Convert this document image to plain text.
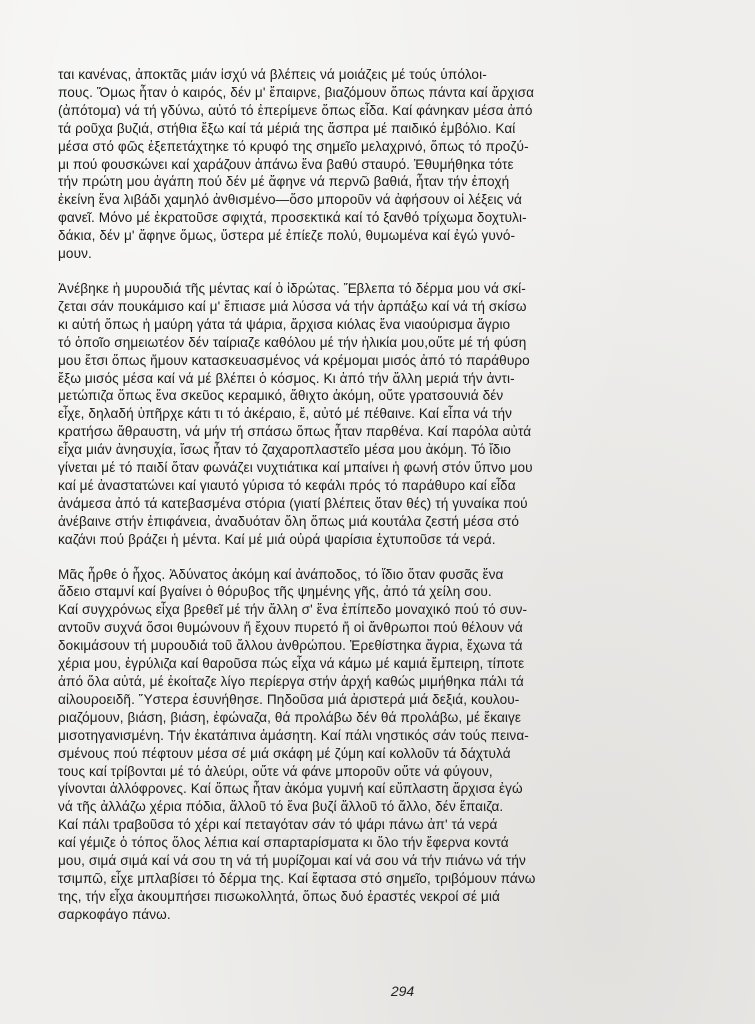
ται κανένας, ἀποκτᾶς μιάν ἰσχύ νά βλέπεις νά μοιάζεις μέ τούς ὑπόλοι-
πους. Ὅμως ἦταν ὁ καιρός, δέν μ' ἔπαιρνε, βιαζόμουν ὅπως πάντα καί ἄρχισα
(ἀπότομα) νά τή γδύνω, αὐτό τό ἐπερίμενε ὅπως εἶδα. Καί φάνηκαν μέσα ἀπό
τά ροῦχα βυζιά, στήθια ἔξω καί τά μέριά της ἄσπρα μέ παιδικό ἐμβόλιο. Καί
μέσα στό φῶς ἐξεπετάχτηκε τό κρυφό της σημεῖο μελαχρινό, ὅπως τό προζύ-
μι πού φουσκώνει καί χαράζουν ἀπάνω ἕνα βαθύ σταυρό. Ἐθυμήθηκα τότε
τήν πρώτη μου ἀγάπη πού δέν μέ ἄφηνε νά περνῶ βαθιά, ἦταν τήν ἐποχή
ἐκείνη ἕνα λιβάδι χαμηλό ἀνθισμένο—ὅσο μποροῦν νά ἀφήσουν οἱ λέξεις νά
φανεῖ. Μόνο μέ ἐκρατοῦσε σφιχτά, προσεκτικά καί τό ξανθό τρίχωμα δοχτυλι-
δάκια, δέν μ' ἄφηνε ὅμως, ὕστερα μέ ἐπίεζε πολύ, θυμωμένα καί ἐγώ γυνό-
μουν.

Ἀνέβηκε ἡ μυρουδιά τῆς μέντας καί ὁ ἱδρώτας. Ἔβλεπα τό δέρμα μου νά σκί-
ζεται σάν πουκάμισο καί μ' ἔπιασε μιά λύσσα νά τήν ἁρπάξω καί νά τή σκίσω
κι αὐτή ὅπως ἡ μαύρη γάτα τά ψάρια, ἄρχισα κιόλας ἕνα νιαούρισμα ἄγριο
τό ὁποῖο σημειωτέον δέν ταίριαζε καθόλου μέ τήν ἡλικία μου,οὔτε μέ τή φύση
μου ἔτσι ὅπως ἤμουν κατασκευασμένος νά κρέμομαι μισός ἀπό τό παράθυρο
ἔξω μισός μέσα καί νά μέ βλέπει ὁ κόσμος. Κι ἀπό τήν ἄλλη μεριά τήν ἀντι-
μετώπιζα ὅπως ἕνα σκεῦος κεραμικό, ἄθιχτο ἀκόμη, οὔτε γρατσουνιά δέν
εἶχε, δηλαδή ὑπῆρχε κάτι τι τό ἀκέραιο, ἔ, αὐτό μέ πέθαινε. Καί εἶπα νά τήν
κρατήσω ἄθραυστη, νά μήν τή σπάσω ὅπως ἦταν παρθένα. Καί παρόλα αὐτά
εἶχα μιάν ἀνησυχία, ἴσως ἦταν τό ζαχαροπλαστεῖο μέσα μου ἀκόμη. Τό ἴδιο
γίνεται μέ τό παιδί ὅταν φωνάζει νυχτιάτικα καί μπαίνει ἡ φωνή στόν ὕπνο μου
καί μέ ἀναστατώνει καί γιαυτό γύρισα τό κεφάλι πρός τό παράθυρο καί εἶδα
ἀνάμεσα ἀπό τά κατεβασμένα στόρια (γιατί βλέπεις ὅταν θές) τή γυναίκα πού
ἀνέβαινε στήν ἐπιφάνεια, ἀναδυόταν ὅλη ὅπως μιά κουτάλα ζεστή μέσα στό
καζάνι πού βράζει ἡ μέντα. Καί μέ μιά οὐρά ψαρίσια ἐχτυποῦσε τά νερά.

Μᾶς ἦρθε ὁ ἦχος. Ἀδύνατος ἀκόμη καί ἀνάποδος, τό ἴδιο ὅταν φυσᾶς ἕνα
ἄδειο σταμνί καί βγαίνει ὁ θόρυβος τῆς ψημένης γῆς, ἀπό τά χείλη σου.
Καί συγχρόνως εἶχα βρεθεῖ μέ τήν ἄλλη σ' ἕνα ἐπίπεδο μοναχικό πού τό συν-
αντοῦν συχνά ὅσοι θυμώνουν ἤ ἔχουν πυρετό ἤ οἱ ἄνθρωποι πού θέλουν νά
δοκιμάσουν τή μυρουδιά τοῦ ἄλλου ἀνθρώπου. Ἐρεθίστηκα ἄγρια, ἔχωνα τά
χέρια μου, ἐγρύλιζα καί θαροῦσα πώς εἶχα νά κάμω μέ καμιά ἔμπειρη, τίποτε
ἀπό ὅλα αὐτά, μέ ἐκοίταζε λίγο περίεργα στήν ἀρχή καθώς μιμήθηκα πάλι τά
αἰλουροειδῆ. Ὕστερα ἐσυνήθησε. Πηδοῦσα μιά ἀριστερά μιά δεξιά, κουλου-
ριαζόμουν, βιάση, βιάση, ἐφώναζα, θά προλάβω δέν θά προλάβω, μέ ἔκαιγε
μισοτηγανισμένη. Τήν ἐκατάπινα ἀμάσητη. Καί πάλι νηστικός σάν τούς πεινα-
σμένους πού πέφτουν μέσα σέ μιά σκάφη μέ ζύμη καί κολλοῦν τά δάχτυλά
τους καί τρίβονται μέ τό ἀλεύρι, οὔτε νά φάνε μποροῦν οὔτε νά φύγουν,
γίνονται ἀλλόφρονες. Καί ὅπως ἦταν ἀκόμα γυμνή καί εὔπλαστη ἄρχισα ἐγώ
νά τῆς ἀλλάζω χέρια πόδια, ἄλλοῦ τό ἕνα βυζί ἄλλοῦ τό ἄλλο, δέν ἔπαιζα.
Καί πάλι τραβοῦσα τό χέρι καί πεταγόταν σάν τό ψάρι πάνω ἀπ' τά νερά
καί γέμιζε ὁ τόπος ὅλος λέπια καί σπαρταρίσματα κι ὅλο τήν ἔφερνα κοντά
μου, σιμά σιμά καί νά σου τη νά τή μυρίζομαι καί νά σου νά τήν πιάνω νά τήν
τσιμπῶ, εἶχε μπλαβίσει τό δέρμα της. Καί ἔφτασα στό σημεῖο, τριβόμουν πάνω
της, τήν εἶχα ἀκουμπήσει πισωκολλητά, ὅπως δυό ἐραστές νεκροί σέ μιά
σαρκοφάγο πάνω.

294
